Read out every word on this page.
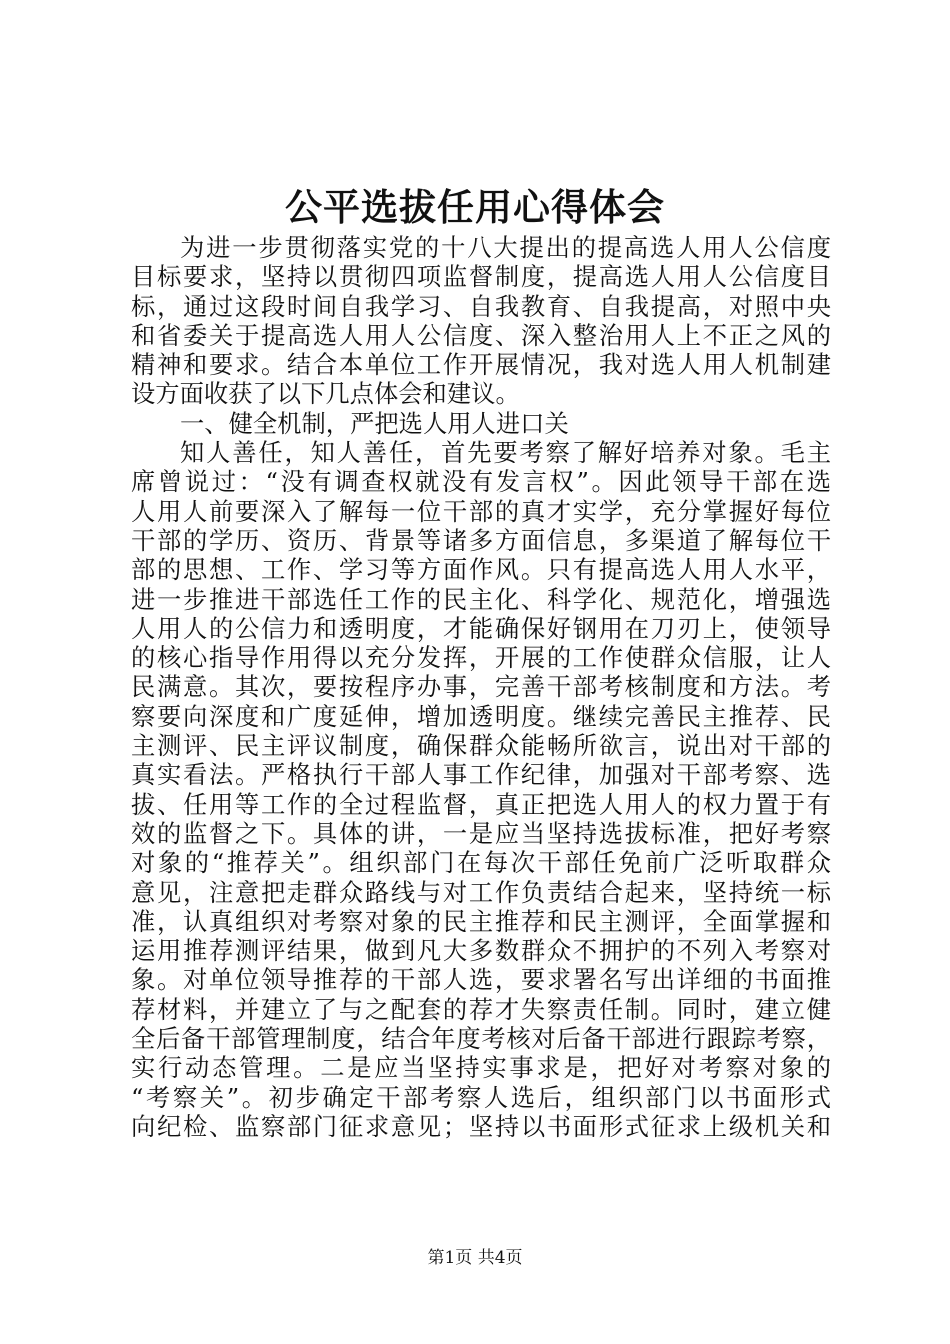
公平选拔任用心得体会
为进一步贯彻落实党的十八大提出的提高选人用人公信度
目标要求，坚持以贯彻四项监督制度，提高选人用人公信度目
标，通过这段时间自我学习、自我教育、自我提高，对照中央
和省委关于提高选人用人公信度、深入整治用人上不正之风的
精神和要求。结合本单位工作开展情况，我对选人用人机制建
设方面收获了以下几点体会和建议。
一、健全机制，严把选人用人进口关
知人善任，知人善任，首先要考察了解好培养对象。毛主
席曾说过：“没有调查权就没有发言权”。因此领导干部在选
人用人前要深入了解每一位干部的真才实学，充分掌握好每位
干部的学历、资历、背景等诸多方面信息，多渠道了解每位干
部的思想、工作、学习等方面作风。只有提高选人用人水平，
进一步推进干部选任工作的民主化、科学化、规范化，增强选
人用人的公信力和透明度，才能确保好钢用在刀刃上，使领导
的核心指导作用得以充分发挥，开展的工作使群众信服，让人
民满意。其次，要按程序办事，完善干部考核制度和方法。考
察要向深度和广度延伸，增加透明度。继续完善民主推荐、民
主测评、民主评议制度，确保群众能畅所欲言，说出对干部的
真实看法。严格执行干部人事工作纪律，加强对干部考察、选
拔、任用等工作的全过程监督，真正把选人用人的权力置于有
效的监督之下。具体的讲，一是应当坚持选拔标准，把好考察
对象的“推荐关”。组织部门在每次干部任免前广泛听取群众
意见，注意把走群众路线与对工作负责结合起来，坚持统一标
准，认真组织对考察对象的民主推荐和民主测评，全面掌握和
运用推荐测评结果，做到凡大多数群众不拥护的不列入考察对
象。对单位领导推荐的干部人选，要求署名写出详细的书面推
荐材料，并建立了与之配套的荐才失察责任制。同时，建立健
全后备干部管理制度，结合年度考核对后备干部进行跟踪考察，
实行动态管理。二是应当坚持实事求是，把好对考察对象的
“考察关”。初步确定干部考察人选后，组织部门以书面形式
向纪检、监察部门征求意见；坚持以书面形式征求上级机关和
第1页 共4页
